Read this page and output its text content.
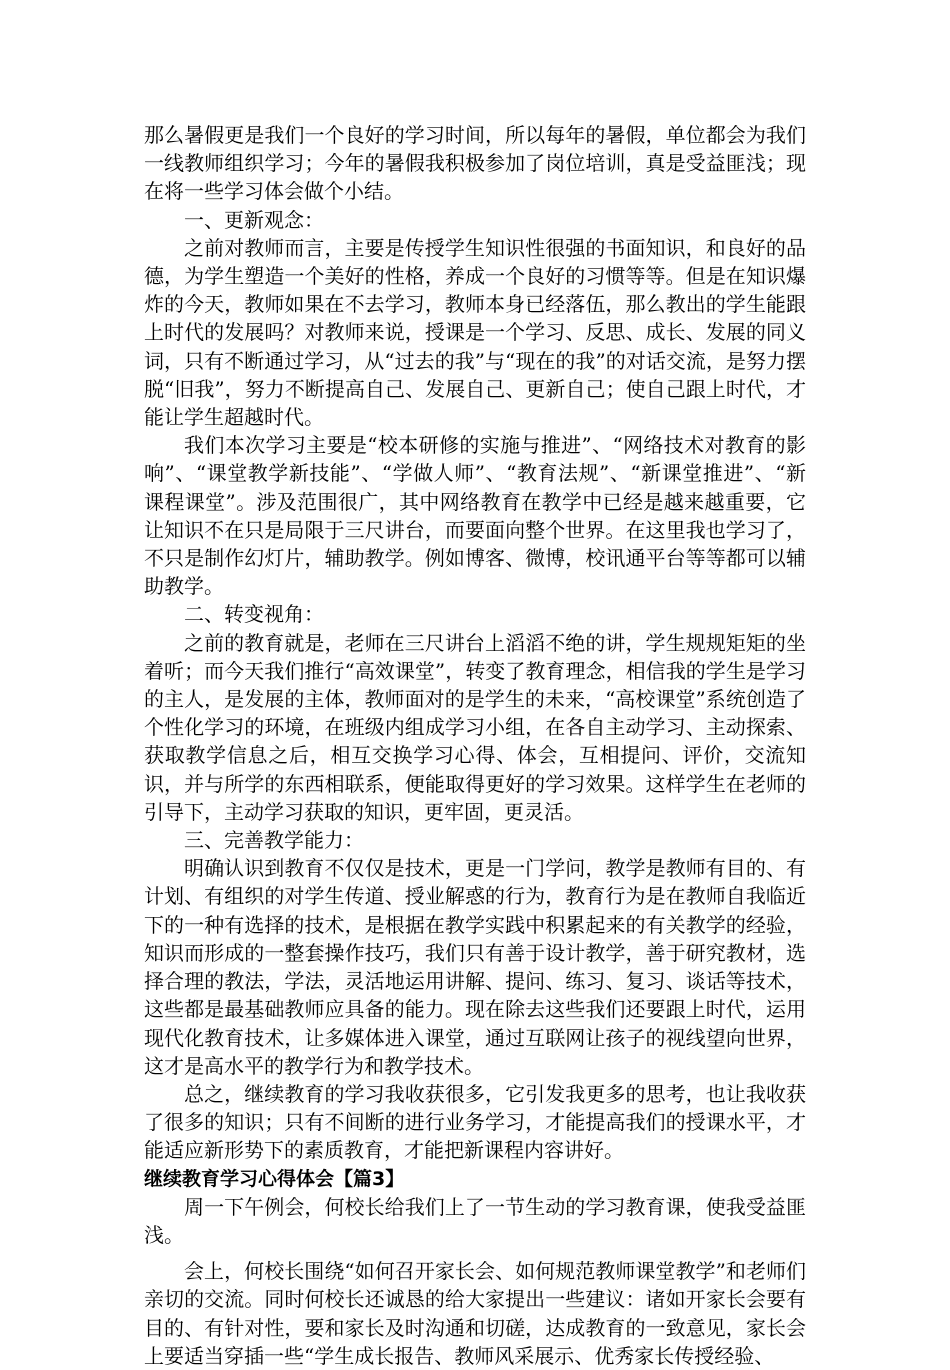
那么暑假更是我们一个良好的学习时间，所以每年的暑假，单位都会为我们一线教师组织学习；今年的暑假我积极参加了岗位培训，真是受益匪浅；现在将一些学习体会做个小结。

一、更新观念：

之前对教师而言，主要是传授学生知识性很强的书面知识，和良好的品德，为学生塑造一个美好的性格，养成一个良好的习惯等等。但是在知识爆炸的今天，教师如果在不去学习，教师本身已经落伍，那么教出的学生能跟上时代的发展吗？对教师来说，授课是一个学习、反思、成长、发展的同义词，只有不断通过学习，从“过去的我”与“现在的我”的对话交流，是努力摆脱“旧我”，努力不断提高自己、发展自己、更新自己；使自己跟上时代，才能让学生超越时代。

我们本次学习主要是“校本研修的实施与推进”、“网络技术对教育的影响”、“课堂教学新技能”、“学做人师”、“教育法规”、“新课堂推进”、“新课程课堂”。涉及范围很广，其中网络教育在教学中已经是越来越重要，它让知识不在只是局限于三尺讲台，而要面向整个世界。在这里我也学习了，不只是制作幻灯片，辅助教学。例如博客、微博，校讯通平台等等都可以辅助教学。

二、转变视角：

之前的教育就是，老师在三尺讲台上滔滔不绝的讲，学生规规矩矩的坐着听；而今天我们推行“高效课堂”，转变了教育理念，相信我的学生是学习的主人，是发展的主体，教师面对的是学生的未来，“高校课堂”系统创造了个性化学习的环境，在班级内组成学习小组，在各自主动学习、主动探索、获取教学信息之后，相互交换学习心得、体会，互相提问、评价，交流知识，并与所学的东西相联系，便能取得更好的学习效果。这样学生在老师的引导下，主动学习获取的知识，更牢固，更灵活。

三、完善教学能力：

明确认识到教育不仅仅是技术，更是一门学问，教学是教师有目的、有计划、有组织的对学生传道、授业解惑的行为，教育行为是在教师自我临近下的一种有选择的技术，是根据在教学实践中积累起来的有关教学的经验，知识而形成的一整套操作技巧，我们只有善于设计教学，善于研究教材，选择合理的教法，学法，灵活地运用讲解、提问、练习、复习、谈话等技术，这些都是最基础教师应具备的能力。现在除去这些我们还要跟上时代，运用现代化教育技术，让多媒体进入课堂，通过互联网让孩子的视线望向世界，这才是高水平的教学行为和教学技术。

总之，继续教育的学习我收获很多，它引发我更多的思考，也让我收获了很多的知识；只有不间断的进行业务学习，才能提高我们的授课水平，才能适应新形势下的素质教育，才能把新课程内容讲好。

继续教育学习心得体会【篇3】

周一下午例会，何校长给我们上了一节生动的学习教育课，使我受益匪浅。

会上，何校长围绕“如何召开家长会、如何规范教师课堂教学”和老师们亲切的交流。同时何校长还诚恳的给大家提出一些建议：诸如开家长会要有目的、有针对性，要和家长及时沟通和切磋，达成教育的一致意见，家长会上要适当穿插一些“学生成长报告、教师风采展示、优秀家长传授经验、
